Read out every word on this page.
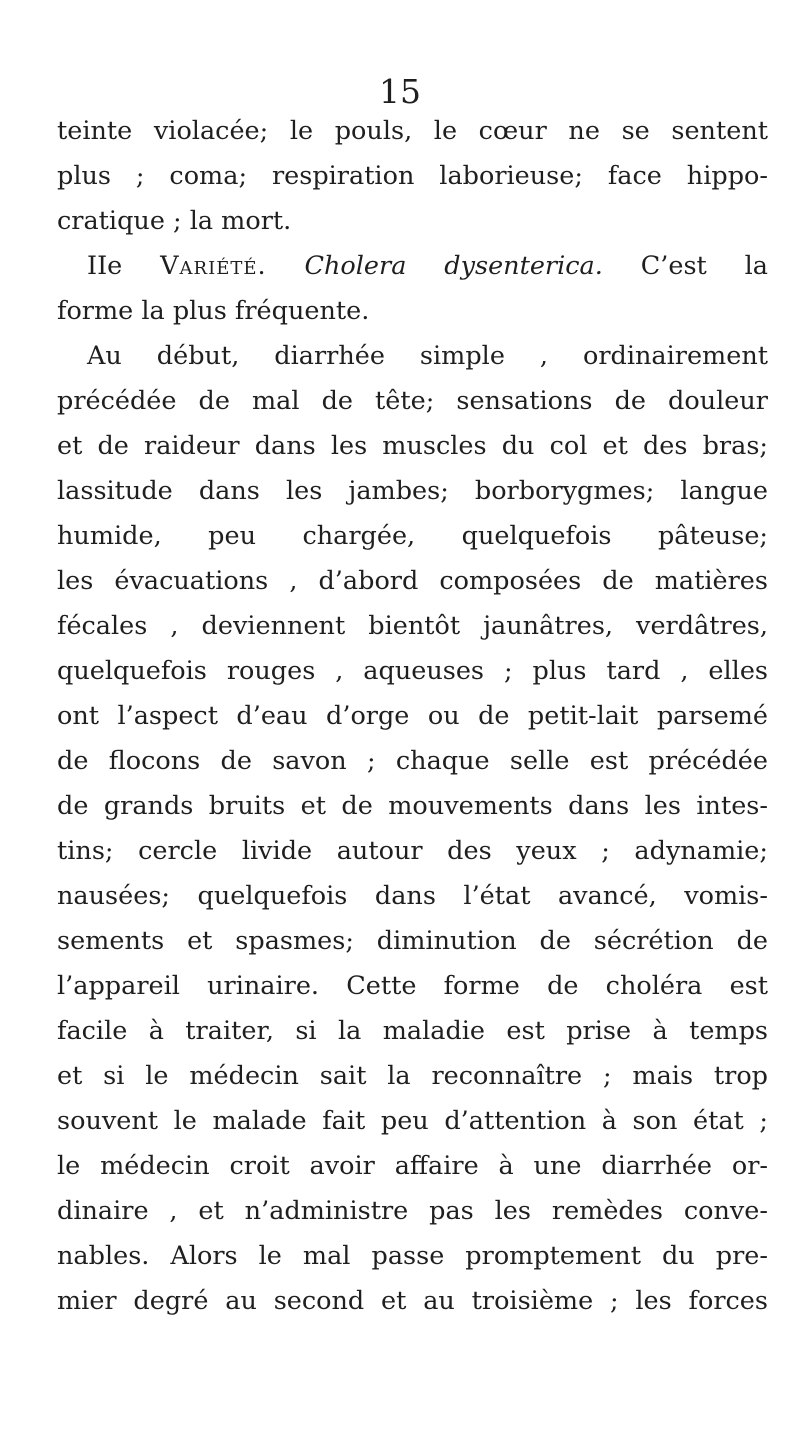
15
teinte violacée; le pouls, le cœur ne se sentent
plus ; coma; respiration laborieuse; face hippo-
cratique ; la mort.
IIe Variété. Cholera dysenterica. C’est la
forme la plus fréquente.
Au début, diarrhée simple , ordinairement
précédée de mal de tête; sensations de douleur
et de raideur dans les muscles du col et des bras;
lassitude dans les jambes; borborygmes; langue
humide, peu chargée, quelquefois pâteuse;
les évacuations , d’abord composées de matières
fécales , deviennent bientôt jaunâtres, verdâtres,
quelquefois rouges , aqueuses ; plus tard , elles
ont l’aspect d’eau d’orge ou de petit-lait parsemé
de flocons de savon ; chaque selle est précédée
de grands bruits et de mouvements dans les intes-
tins; cercle livide autour des yeux ; adynamie;
nausées; quelquefois dans l’état avancé, vomis-
sements et spasmes; diminution de sécrétion de
l’appareil urinaire. Cette forme de choléra est
facile à traiter, si la maladie est prise à temps
et si le médecin sait la reconnaître ; mais trop
souvent le malade fait peu d’attention à son état ;
le médecin croit avoir affaire à une diarrhée or-
dinaire , et n’administre pas les remèdes conve-
nables. Alors le mal passe promptement du pre-
mier degré au second et au troisième ; les forces
